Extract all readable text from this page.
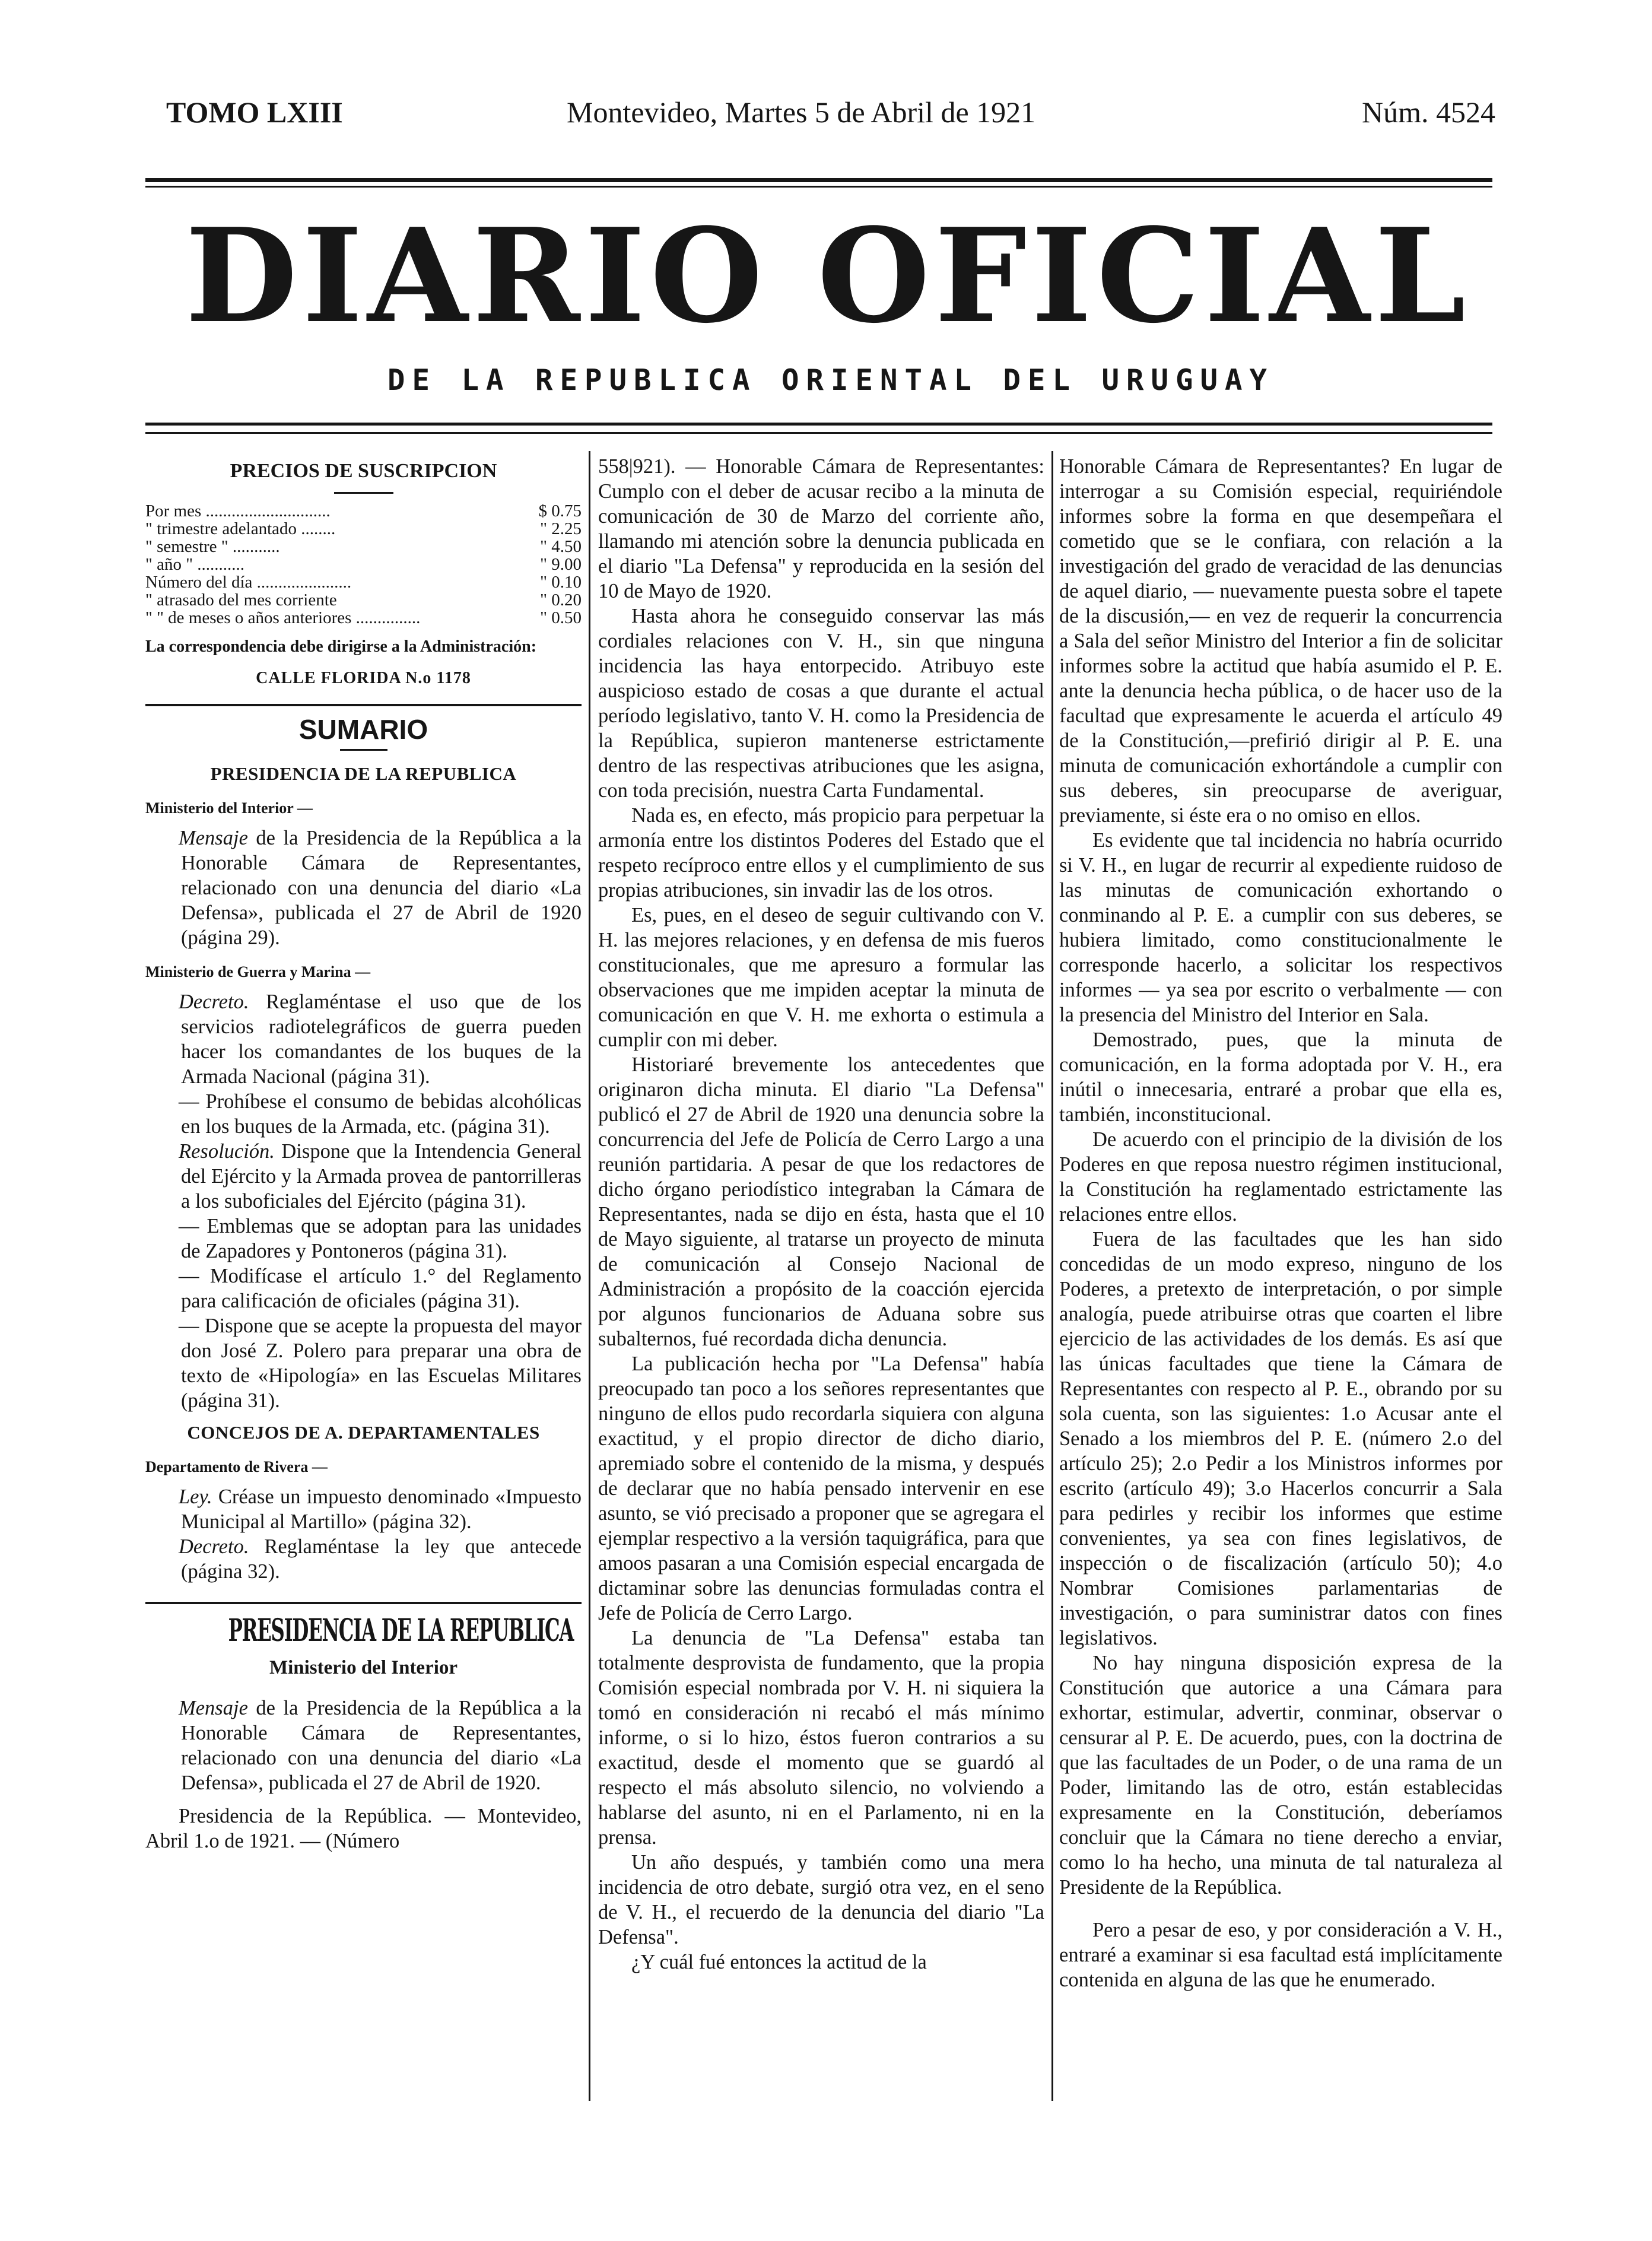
TOMO LXIII	Montevideo, Martes 5 de Abril de 1921	Núm. 4524
DIARIO OFICIAL
DE LA REPUBLICA ORIENTAL DEL URUGUAY
PRECIOS DE SUSCRIPCION
Por mes .............................	$ 0.75
" trimestre adelantado ........	" 2.25
" semestre " ...........	" 4.50
" año " ...........	" 9.00
Número del día ......................	" 0.10
" atrasado del mes corriente	" 0.20
" " de meses o años anteriores ...............	" 0.50
La correspondencia debe dirigirse a la Administración:
CALLE FLORIDA N.o 1178
SUMARIO
PRESIDENCIA DE LA REPUBLICA
Ministerio del Interior —

Mensaje de la Presidencia de la República a la Honorable Cámara de Representantes, relacionado con una denuncia del diario «La Defensa», publicada el 27 de Abril de 1920 (página 29).

Ministerio de Guerra y Marina —

Decreto. Reglaméntase el uso que de los servicios radiotelegráficos de guerra pueden hacer los comandantes de los buques de la Armada Nacional (página 31).

— Prohíbese el consumo de bebidas alcohólicas en los buques de la Armada, etc. (página 31).

Resolución. Dispone que la Intendencia General del Ejército y la Armada provea de pantorrilleras a los suboficiales del Ejército (página 31).

— Emblemas que se adoptan para las unidades de Zapadores y Pontoneros (página 31).

— Modifícase el artículo 1.° del Reglamento para calificación de oficiales (página 31).

— Dispone que se acepte la propuesta del mayor don José Z. Polero para preparar una obra de texto de «Hipología» en las Escuelas Militares (página 31).

CONCEJOS DE A. DEPARTAMENTALES
Departamento de Rivera —

Ley. Créase un impuesto denominado «Impuesto Municipal al Martillo» (página 32).

Decreto. Reglaméntase la ley que antecede (página 32).

PRESIDENCIA DE LA REPUBLICA
Ministerio del Interior

Mensaje de la Presidencia de la República a la Honorable Cámara de Representantes, relacionado con una denuncia del diario «La Defensa», publicada el 27 de Abril de 1920.

Presidencia de la República. — Montevideo, Abril 1.o de 1921. — (Número

558|921). — Honorable Cámara de Representantes: Cumplo con el deber de acusar recibo a la minuta de comunicación de 30 de Marzo del corriente año, llamando mi atención sobre la denuncia publicada en el diario "La Defensa" y reproducida en la sesión del 10 de Mayo de 1920.

Hasta ahora he conseguido conservar las más cordiales relaciones con V. H., sin que ninguna incidencia las haya entorpecido. Atribuyo este auspicioso estado de cosas a que durante el actual período legislativo, tanto V. H. como la Presidencia de la República, supieron mantenerse estrictamente dentro de las respectivas atribuciones que les asigna, con toda precisión, nuestra Carta Fundamental.

Nada es, en efecto, más propicio para perpetuar la armonía entre los distintos Poderes del Estado que el respeto recíproco entre ellos y el cumplimiento de sus propias atribuciones, sin invadir las de los otros.

Es, pues, en el deseo de seguir cultivando con V. H. las mejores relaciones, y en defensa de mis fueros constitucionales, que me apresuro a formular las observaciones que me impiden aceptar la minuta de comunicación en que V. H. me exhorta o estimula a cumplir con mi deber.

Historiaré brevemente los antecedentes que originaron dicha minuta. El diario "La Defensa" publicó el 27 de Abril de 1920 una denuncia sobre la concurrencia del Jefe de Policía de Cerro Largo a una reunión partidaria. A pesar de que los redactores de dicho órgano periodístico integraban la Cámara de Representantes, nada se dijo en ésta, hasta que el 10 de Mayo siguiente, al tratarse un proyecto de minuta de comunicación al Consejo Nacional de Administración a propósito de la coacción ejercida por algunos funcionarios de Aduana sobre sus subalternos, fué recordada dicha denuncia.

La publicación hecha por "La Defensa" había preocupado tan poco a los señores representantes que ninguno de ellos pudo recordarla siquiera con alguna exactitud, y el propio director de dicho diario, apremiado sobre el contenido de la misma, y después de declarar que no había pensado intervenir en ese asunto, se vió precisado a proponer que se agregara el ejemplar respectivo a la versión taquigráfica, para que amoos pasaran a una Comisión especial encargada de dictaminar sobre las denuncias formuladas contra el Jefe de Policía de Cerro Largo.

La denuncia de "La Defensa" estaba tan totalmente desprovista de fundamento, que la propia Comisión especial nombrada por V. H. ni siquiera la tomó en consideración ni recabó el más mínimo informe, o si lo hizo, éstos fueron contrarios a su exactitud, desde el momento que se guardó al respecto el más absoluto silencio, no volviendo a hablarse del asunto, ni en el Parlamento, ni en la prensa.

Un año después, y también como una mera incidencia de otro debate, surgió otra vez, en el seno de V. H., el recuerdo de la denuncia del diario "La Defensa".

¿Y cuál fué entonces la actitud de la

Honorable Cámara de Representantes? En lugar de interrogar a su Comisión especial, requiriéndole informes sobre la forma en que desempeñara el cometido que se le confiara, con relación a la investigación del grado de veracidad de las denuncias de aquel diario, — nuevamente puesta sobre el tapete de la discusión,— en vez de requerir la concurrencia a Sala del señor Ministro del Interior a fin de solicitar informes sobre la actitud que había asumido el P. E. ante la denuncia hecha pública, o de hacer uso de la facultad que expresamente le acuerda el artículo 49 de la Constitución,—prefirió dirigir al P. E. una minuta de comunicación exhortándole a cumplir con sus deberes, sin preocuparse de averiguar, previamente, si éste era o no omiso en ellos.

Es evidente que tal incidencia no habría ocurrido si V. H., en lugar de recurrir al expediente ruidoso de las minutas de comunicación exhortando o conminando al P. E. a cumplir con sus deberes, se hubiera limitado, como constitucionalmente le corresponde hacerlo, a solicitar los respectivos informes — ya sea por escrito o verbalmente — con la presencia del Ministro del Interior en Sala.

Demostrado, pues, que la minuta de comunicación, en la forma adoptada por V. H., era inútil o innecesaria, entraré a probar que ella es, también, inconstitucional.

De acuerdo con el principio de la división de los Poderes en que reposa nuestro régimen institucional, la Constitución ha reglamentado estrictamente las relaciones entre ellos.

Fuera de las facultades que les han sido concedidas de un modo expreso, ninguno de los Poderes, a pretexto de interpretación, o por simple analogía, puede atribuirse otras que coarten el libre ejercicio de las actividades de los demás. Es así que las únicas facultades que tiene la Cámara de Representantes con respecto al P. E., obrando por su sola cuenta, son las siguientes: 1.o Acusar ante el Senado a los miembros del P. E. (número 2.o del artículo 25); 2.o Pedir a los Ministros informes por escrito (artículo 49); 3.o Hacerlos concurrir a Sala para pedirles y recibir los informes que estime convenientes, ya sea con fines legislativos, de inspección o de fiscalización (artículo 50); 4.o Nombrar Comisiones parlamentarias de investigación, o para suministrar datos con fines legislativos.

No hay ninguna disposición expresa de la Constitución que autorice a una Cámara para exhortar, estimular, advertir, conminar, observar o censurar al P. E. De acuerdo, pues, con la doctrina de que las facultades de un Poder, o de una rama de un Poder, limitando las de otro, están establecidas expresamente en la Constitución, deberíamos concluir que la Cámara no tiene derecho a enviar, como lo ha hecho, una minuta de tal naturaleza al Presidente de la República.

Pero a pesar de eso, y por consideración a V. H., entraré a examinar si esa facultad está implícitamente contenida en alguna de las que he enumerado.
